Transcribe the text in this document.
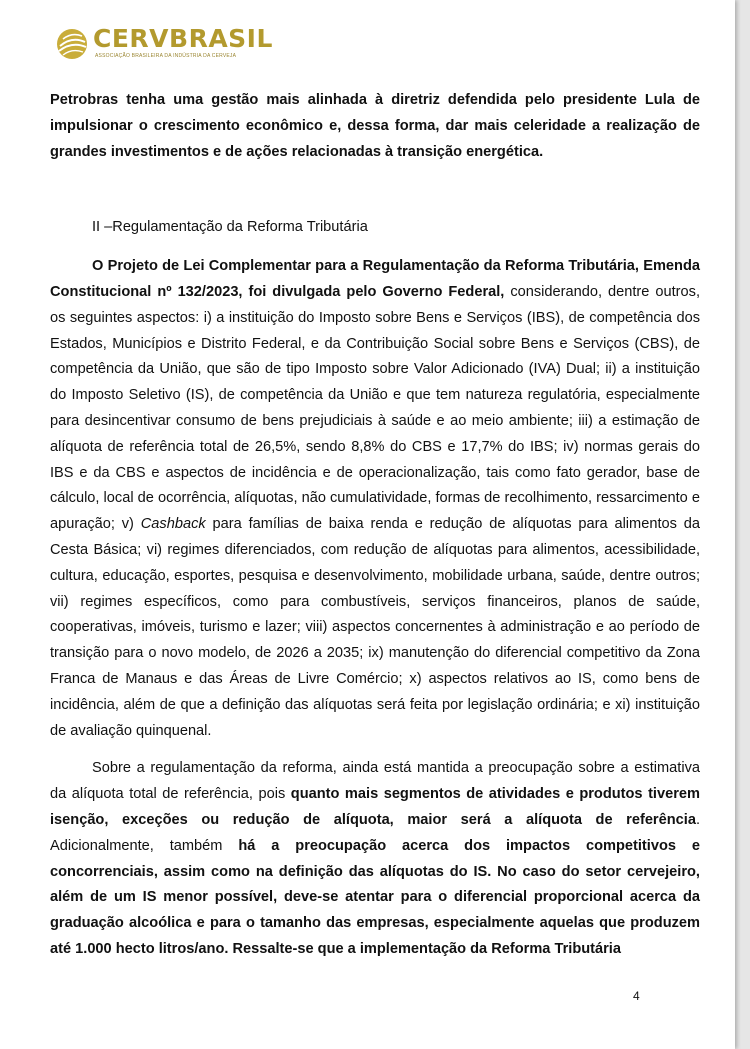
CERVBRASIL
ASSOCIAÇÃO BRASILEIRA DA INDÚSTRIA DA CERVEJA

Petrobras tenha uma gestão mais alinhada à diretriz defendida pelo presidente Lula de impulsionar o crescimento econômico e, dessa forma, dar mais celeridade a realização de grandes investimentos e de ações relacionadas à transição energética.

II –Regulamentação da Reforma Tributária

O Projeto de Lei Complementar para a Regulamentação da Reforma Tributária, Emenda Constitucional nº 132/2023, foi divulgada pelo Governo Federal, considerando, dentre outros, os seguintes aspectos: i) a instituição do Imposto sobre Bens e Serviços (IBS), de competência dos Estados, Municípios e Distrito Federal, e da Contribuição Social sobre Bens e Serviços (CBS), de competência da União, que são de tipo Imposto sobre Valor Adicionado (IVA) Dual; ii) a instituição do Imposto Seletivo (IS), de competência da União e que tem natureza regulatória, especialmente para desincentivar consumo de bens prejudiciais à saúde e ao meio ambiente; iii) a estimação de alíquota de referência total de 26,5%, sendo 8,8% do CBS e 17,7% do IBS; iv) normas gerais do IBS e da CBS e aspectos de incidência e de operacionalização, tais como fato gerador, base de cálculo, local de ocorrência, alíquotas, não cumulatividade, formas de recolhimento, ressarcimento e apuração; v) Cashback para famílias de baixa renda e redução de alíquotas para alimentos da Cesta Básica; vi) regimes diferenciados, com redução de alíquotas para alimentos, acessibilidade, cultura, educação, esportes, pesquisa e desenvolvimento, mobilidade urbana, saúde, dentre outros; vii) regimes específicos, como para combustíveis, serviços financeiros, planos de saúde, cooperativas, imóveis, turismo e lazer; viii) aspectos concernentes à administração e ao período de transição para o novo modelo, de 2026 a 2035; ix) manutenção do diferencial competitivo da Zona Franca de Manaus e das Áreas de Livre Comércio; x) aspectos relativos ao IS, como bens de incidência, além de que a definição das alíquotas será feita por legislação ordinária; e xi) instituição de avaliação quinquenal.

Sobre a regulamentação da reforma, ainda está mantida a preocupação sobre a estimativa da alíquota total de referência, pois quanto mais segmentos de atividades e produtos tiverem isenção, exceções ou redução de alíquota, maior será a alíquota de referência. Adicionalmente, também há a preocupação acerca dos impactos competitivos e concorrenciais, assim como na definição das alíquotas do IS. No caso do setor cervejeiro, além de um IS menor possível, deve-se atentar para o diferencial proporcional acerca da graduação alcoólica e para o tamanho das empresas, especialmente aquelas que produzem até 1.000 hecto litros/ano. Ressalte-se que a implementação da Reforma Tributária

4
